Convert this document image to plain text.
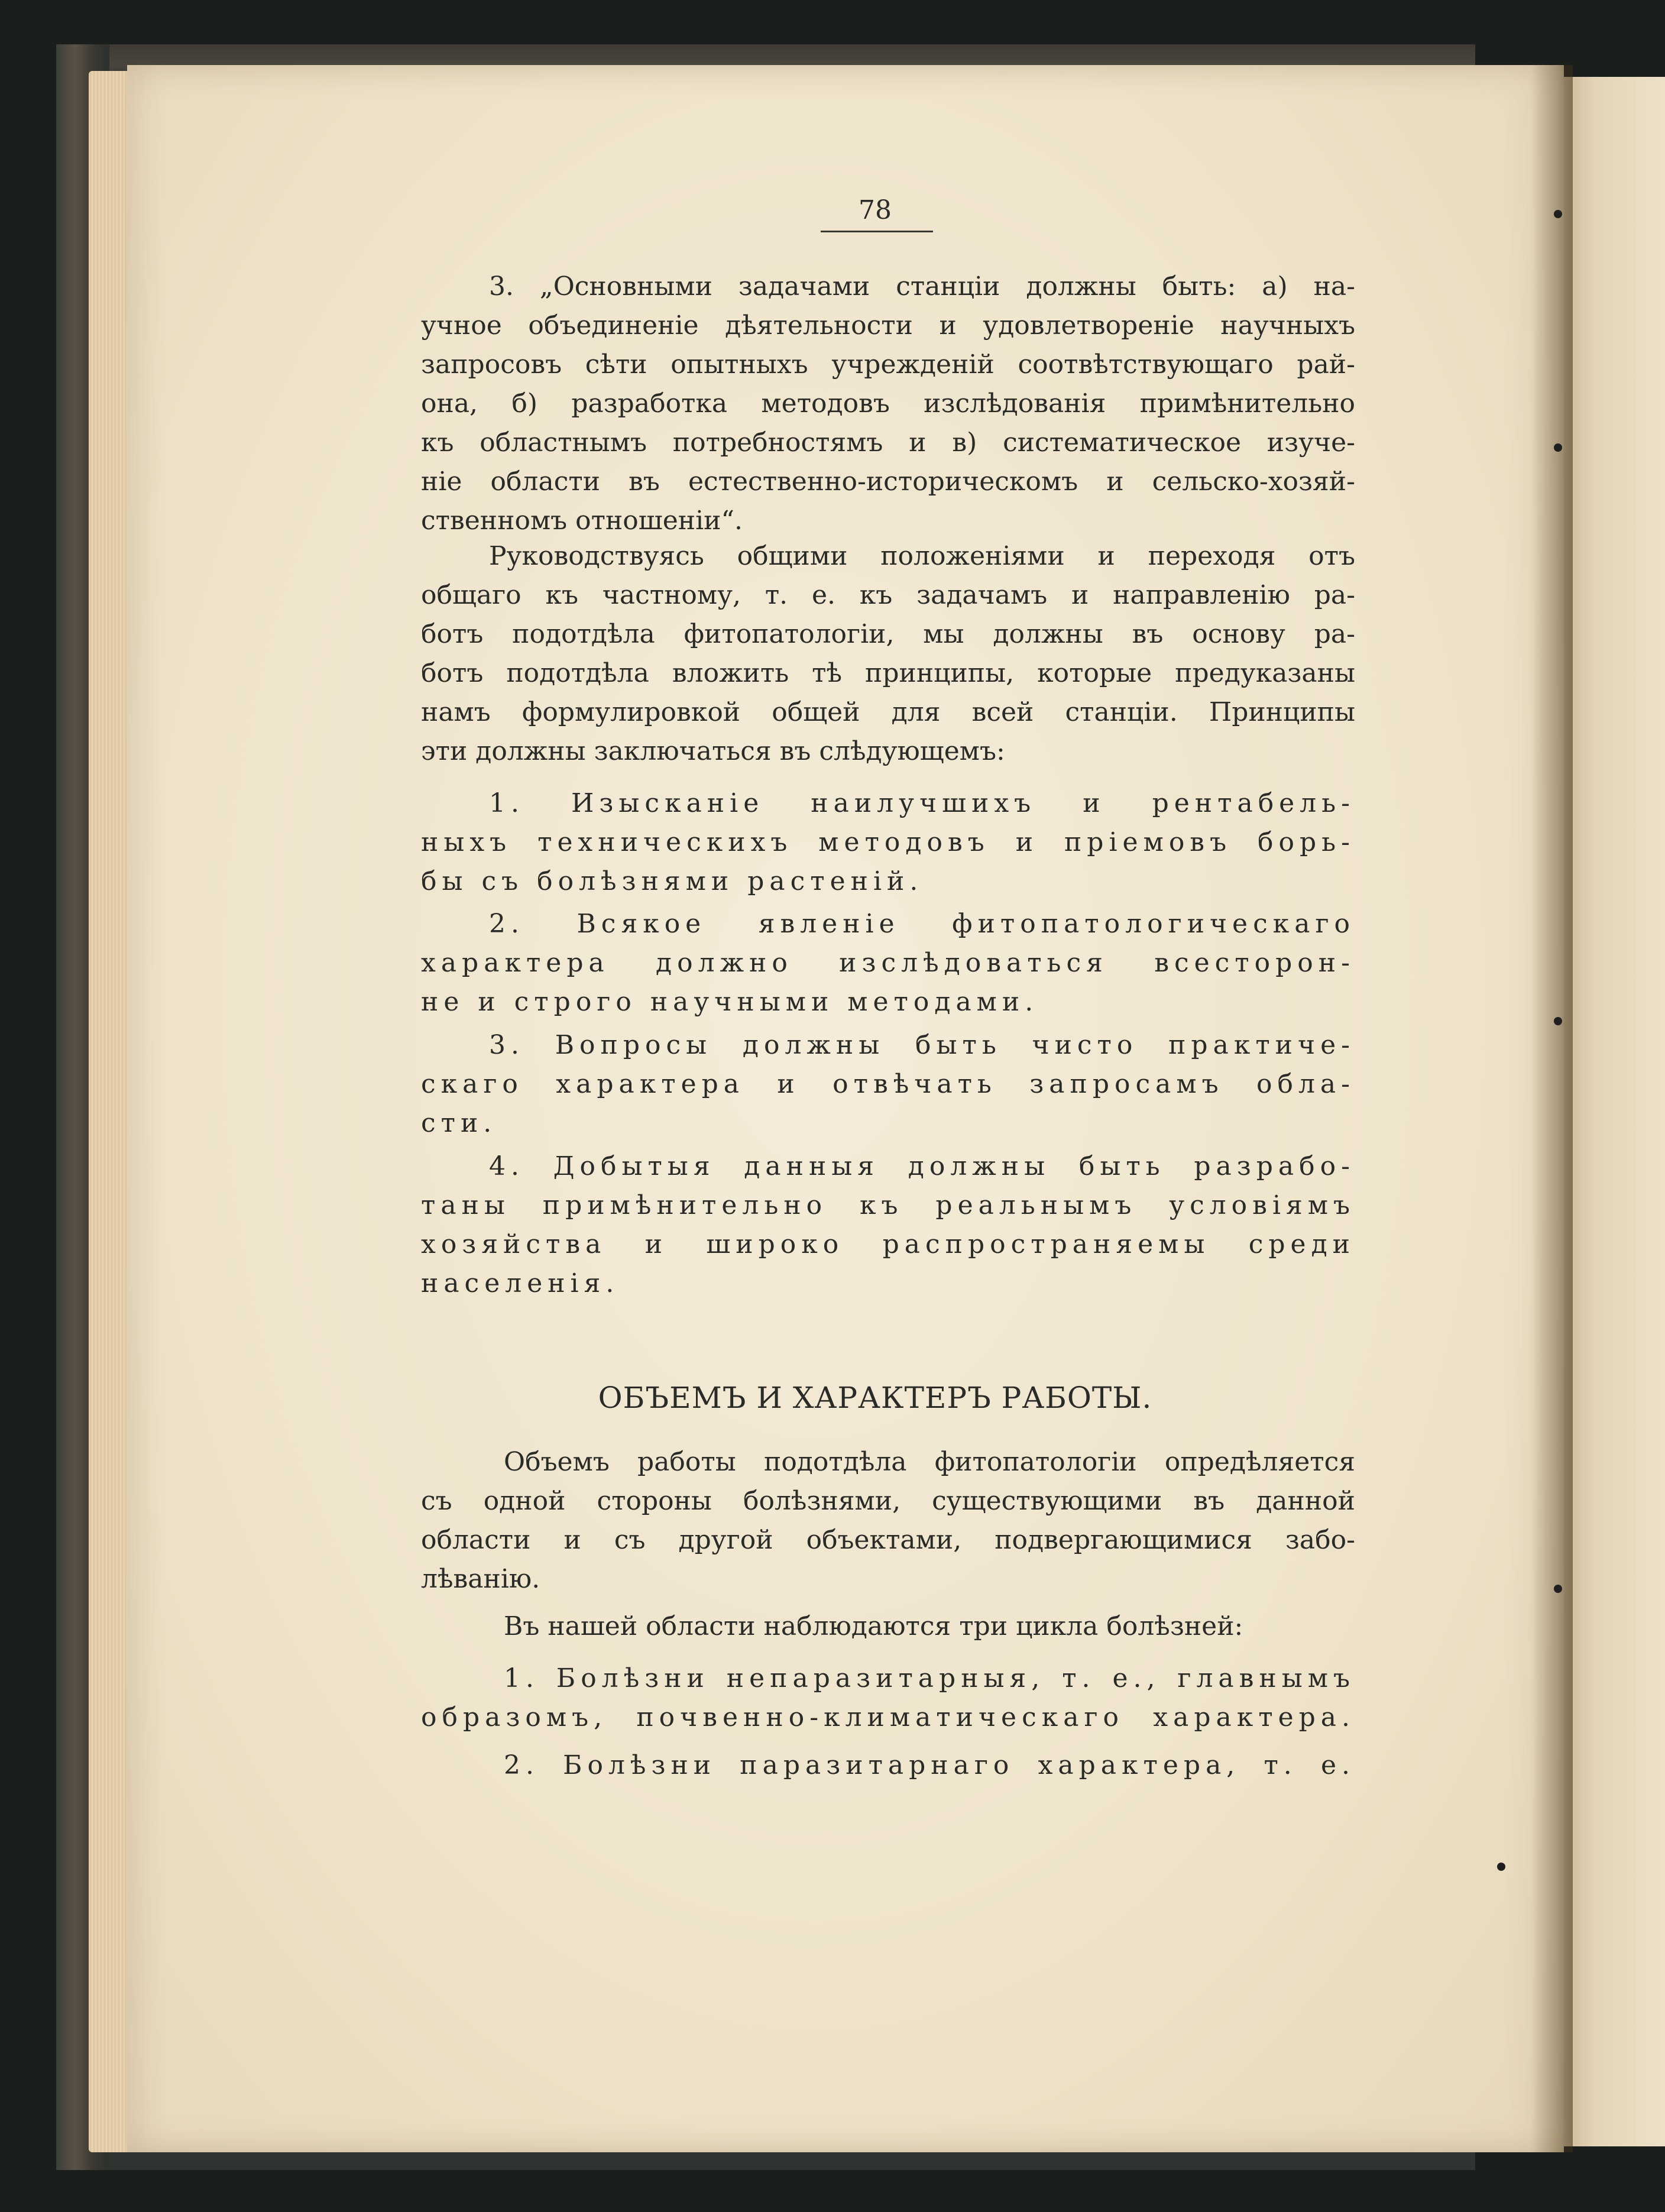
78
3. „Основными задачами станціи должны быть: а) на-
учное объединеніе дѣятельности и удовлетвореніе научныхъ
запросовъ сѣти опытныхъ учрежденій соотвѣтствующаго рай-
она, б) разработка методовъ изслѣдованія примѣнительно
къ областнымъ потребностямъ и в) систематическое изуче-
ніе области въ естественно-историческомъ и сельско-хозяй-
ственномъ отношеніи“.
Руководствуясь общими положеніями и переходя отъ
общаго къ частному, т. е. къ задачамъ и направленію ра-
ботъ подотдѣла фитопатологіи, мы должны въ основу ра-
ботъ подотдѣла вложить тѣ принципы, которые предуказаны
намъ формулировкой общей для всей станціи. Принципы
эти должны заключаться въ слѣдующемъ:
1. Изысканіе наилучшихъ и рентабель-
ныхъ техническихъ методовъ и пріемовъ борь-
бы съ болѣзнями растеній.
2. Всякое явленіе фитопатологическаго
характера должно изслѣдоваться всесторон-
не и строго научными методами.
3. Вопросы должны быть чисто практиче-
скаго характера и отвѣчать запросамъ обла-
сти.
4. Добытыя данныя должны быть разрабо-
таны примѣнительно къ реальнымъ условіямъ
хозяйства и широко распространяемы среди
населенія.
ОБЪЕМЪ И ХАРАКТЕРЪ РАБОТЫ.
Объемъ работы подотдѣла фитопатологіи опредѣляется
съ одной стороны болѣзнями, существующими въ данной
области и съ другой объектами, подвергающимися забо-
лѣванію.
Въ нашей области наблюдаются три цикла болѣзней:
1. Болѣзни непаразитарныя, т. е., главнымъ
образомъ, почвенно-климатическаго характера.
2. Болѣзни паразитарнаго характера, т. е.
